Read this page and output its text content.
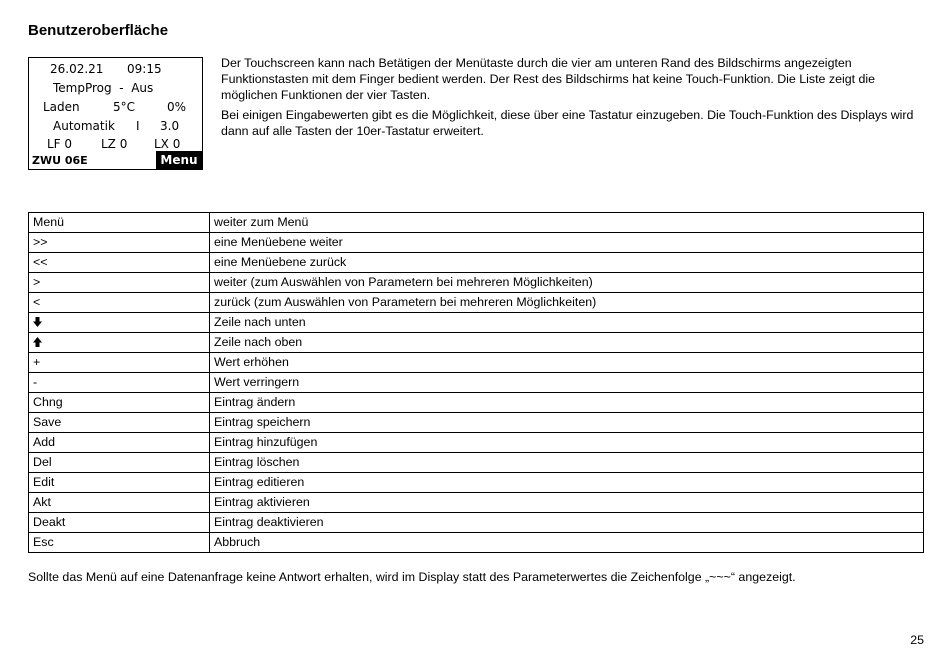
Benutzeroberfläche
26.02.21 09:15
TempProg  -  Aus
Laden	5°C	0%
Automatik I 3.0
LF 0 LZ 0 LX 0
ZWU 06E	Menu

Der Touchscreen kann nach Betätigen der Menütaste durch die vier am unteren Rand des Bildschirms angezeigten Funktionstasten mit dem Finger bedient werden. Der Rest des Bildschirms hat keine Touch-Funktion. Die Liste zeigt die möglichen Funktionen der vier Tasten.

Bei einigen Eingabewerten gibt es die Möglichkeit, diese über eine Tastatur einzugeben. Die Touch-Funktion des Displays wird dann auf alle Tasten der 10er-Tastatur erweitert.

Menü	weiter zum Menü
>>	eine Menüebene weiter
<<	eine Menüebene zurück
>	weiter (zum Auswählen von Parametern bei mehreren Möglichkeiten)
<	zurück (zum Auswählen von Parametern bei mehreren Möglichkeiten)
	Zeile nach unten
	Zeile nach oben
+	Wert erhöhen
-	Wert verringern
Chng	Eintrag ändern
Save	Eintrag speichern
Add	Eintrag hinzufügen
Del	Eintrag löschen
Edit	Eintrag editieren
Akt	Eintrag aktivieren
Deakt	Eintrag deaktivieren
Esc	Abbruch
Sollte das Menü auf eine Datenanfrage keine Antwort erhalten, wird im Display statt des Parameterwertes die Zeichenfolge „~~~“ angezeigt.
25
